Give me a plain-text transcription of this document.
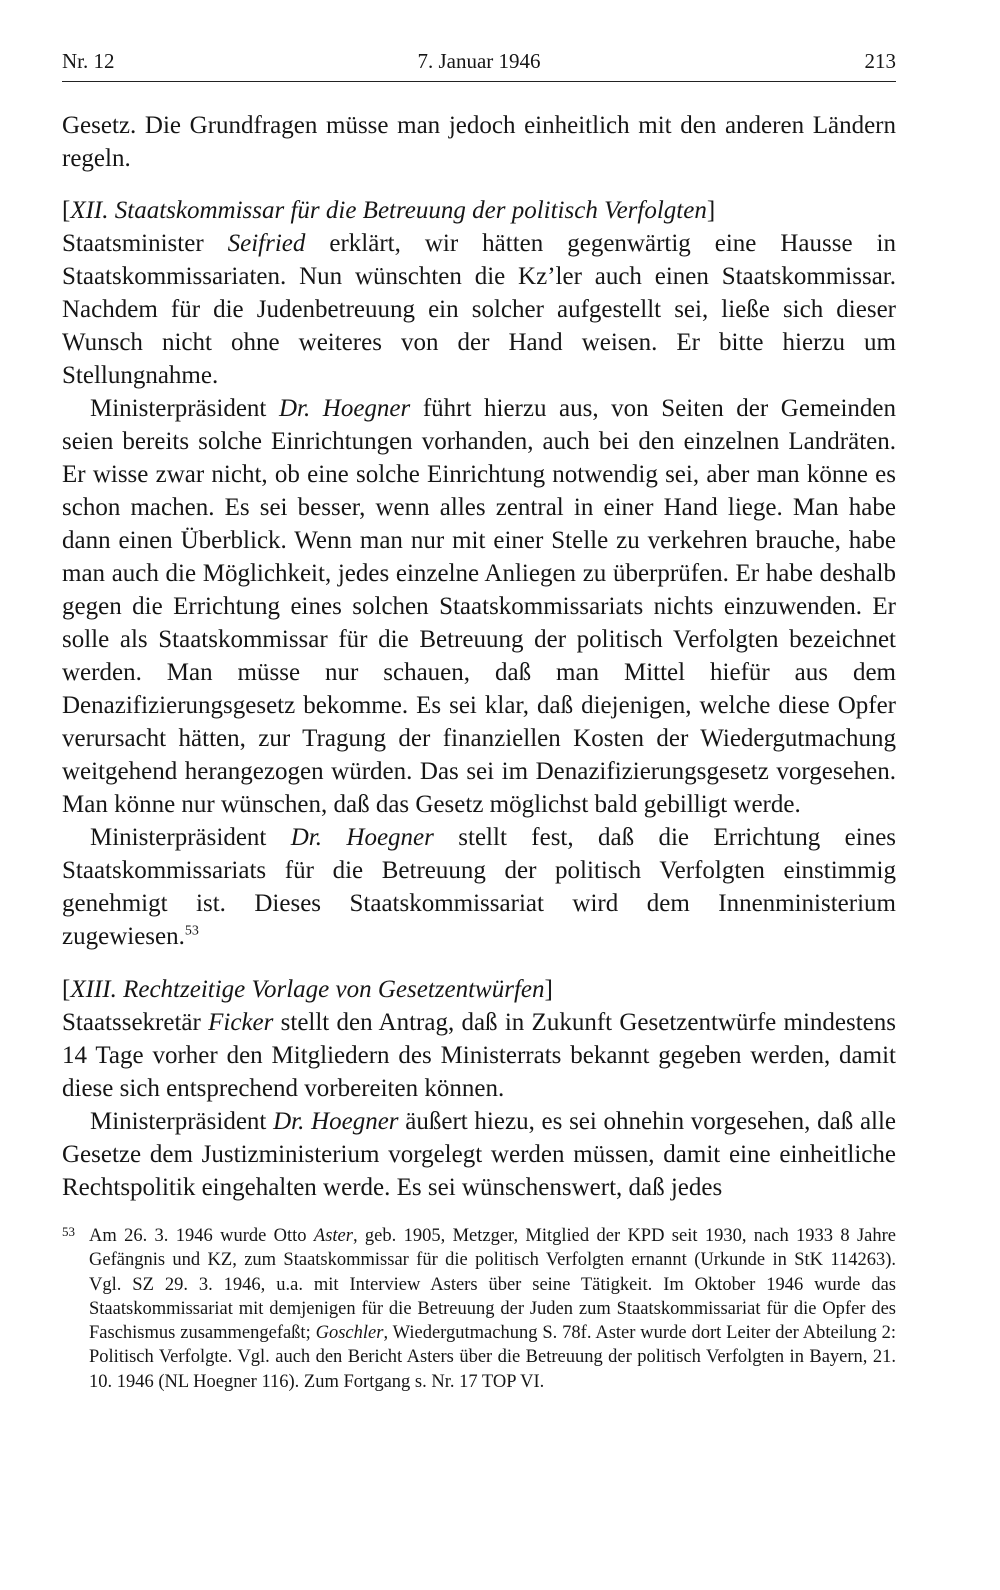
Nr. 12	7. Januar 1946	213

Gesetz. Die Grundfragen müsse man jedoch einheitlich mit den anderen Ländern regeln.

[XII. Staatskommissar für die Betreuung der politisch Verfolgten]

Staatsminister Seifried erklärt, wir hätten gegenwärtig eine Hausse in Staatskommissariaten. Nun wünschten die Kz’ler auch einen Staatskommissar. Nachdem für die Judenbetreuung ein solcher aufgestellt sei, ließe sich dieser Wunsch nicht ohne weiteres von der Hand weisen. Er bitte hierzu um Stellungnahme.

Ministerpräsident Dr. Hoegner führt hierzu aus, von Seiten der Gemeinden seien bereits solche Einrichtungen vorhanden, auch bei den einzelnen Landräten. Er wisse zwar nicht, ob eine solche Einrichtung notwendig sei, aber man könne es schon machen. Es sei besser, wenn alles zentral in einer Hand liege. Man habe dann einen Überblick. Wenn man nur mit einer Stelle zu verkehren brauche, habe man auch die Möglichkeit, jedes einzelne Anliegen zu überprüfen. Er habe deshalb gegen die Errichtung eines solchen Staatskommissariats nichts einzuwenden. Er solle als Staatskommissar für die Betreuung der politisch Verfolgten bezeichnet werden. Man müsse nur schauen, daß man Mittel hiefür aus dem Denazifizierungsgesetz bekomme. Es sei klar, daß diejenigen, welche diese Opfer verursacht hätten, zur Tragung der finanziellen Kosten der Wiedergutmachung weitgehend herangezogen würden. Das sei im Denazifizierungsgesetz vorgesehen. Man könne nur wünschen, daß das Gesetz möglichst bald gebilligt werde.

Ministerpräsident Dr. Hoegner stellt fest, daß die Errichtung eines Staatskommissariats für die Betreuung der politisch Verfolgten einstimmig genehmigt ist. Dieses Staatskommissariat wird dem Innenministerium zugewiesen.$^{53}$

[XIII. Rechtzeitige Vorlage von Gesetzentwürfen]

Staatssekretär Ficker stellt den Antrag, daß in Zukunft Gesetzentwürfe mindestens 14 Tage vorher den Mitgliedern des Ministerrats bekannt gegeben werden, damit diese sich entsprechend vorbereiten können.

Ministerpräsident Dr. Hoegner äußert hiezu, es sei ohnehin vorgesehen, daß alle Gesetze dem Justizministerium vorgelegt werden müssen, damit eine einheitliche Rechtspolitik eingehalten werde. Es sei wünschenswert, daß jedes

53 Am 26. 3. 1946 wurde Otto Aster, geb. 1905, Metzger, Mitglied der KPD seit 1930, nach 1933 8 Jahre Gefängnis und KZ, zum Staatskommissar für die politisch Verfolgten ernannt (Urkunde in StK 114263). Vgl. SZ 29. 3. 1946, u.a. mit Interview Asters über seine Tätigkeit. Im Oktober 1946 wurde das Staatskommissariat mit demjenigen für die Betreuung der Juden zum Staatskommissariat für die Opfer des Faschismus zusammengefaßt; Goschler, Wiedergutmachung S. 78f. Aster wurde dort Leiter der Abteilung 2: Politisch Verfolgte. Vgl. auch den Bericht Asters über die Betreuung der politisch Verfolgten in Bayern, 21. 10. 1946 (NL Hoegner 116). Zum Fortgang s. Nr. 17 TOP VI.
